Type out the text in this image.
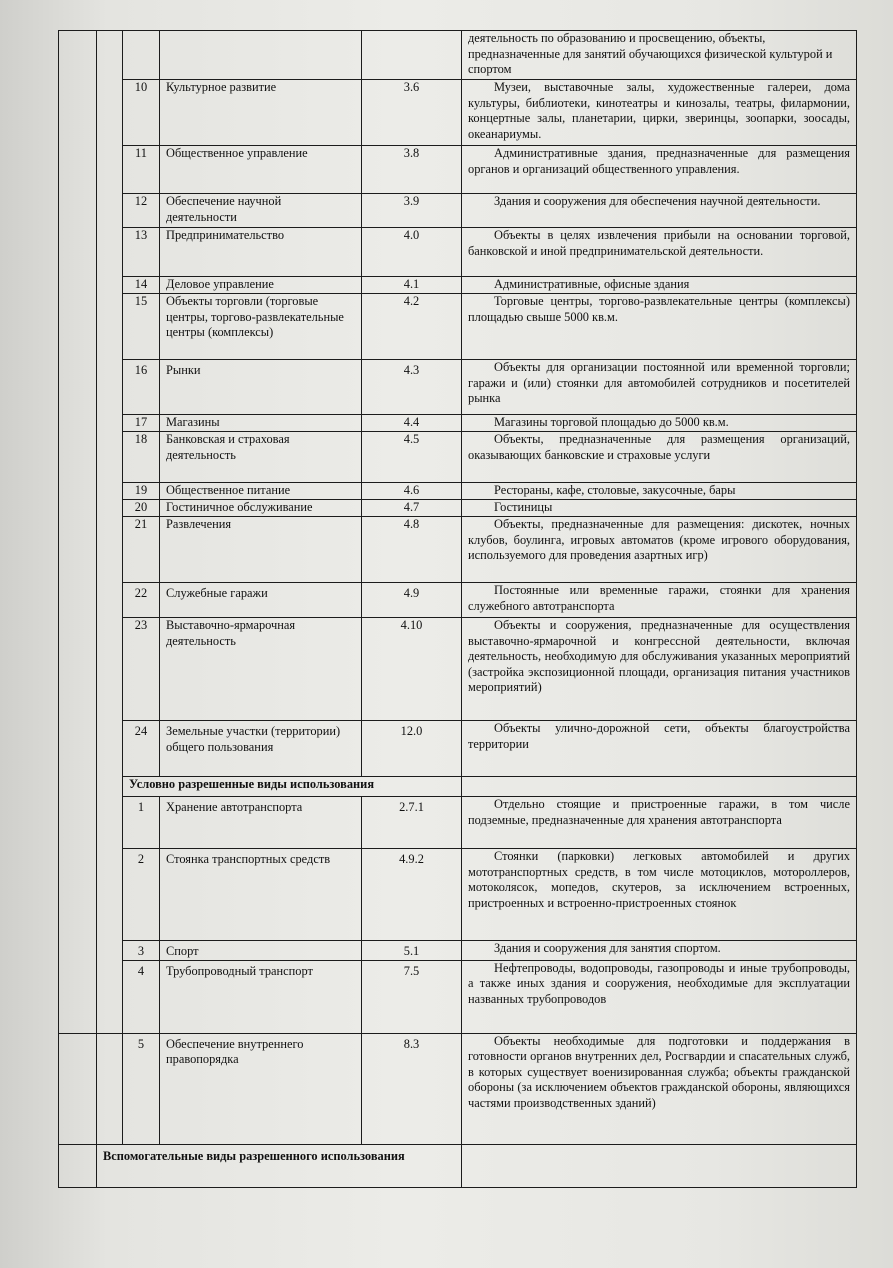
					деятельность по образованию и просвещению, объекты, предназначенные для занятий обучающихся физической культурой и спортом
		10	Культурное развитие	3.6	Музеи, выставочные залы, художественные галереи, дома культуры, библиотеки, кинотеатры и кинозалы, театры, филармонии, концертные залы, планетарии, цирки, зверинцы, зоопарки, зоосады, океанариумы.
		11	Общественное управление	3.8	Административные здания, предназначенные для размещения органов и организаций общественного управления.
		12	Обеспечение научной деятельности	3.9	Здания и сооружения для обеспечения научной деятельности.
		13	Предпринимательство	4.0	Объекты в целях извлечения прибыли на основании торговой, банковской и иной предпринимательской деятельности.
		14	Деловое управление	4.1	Административные, офисные здания
		15	Объекты торговли (торговые центры, торгово-развлекательные центры (комплексы)	4.2	Торговые центры, торгово-развлекательные центры (комплексы) площадью свыше 5000 кв.м.
		16	Рынки	4.3	Объекты для организации постоянной или временной торговли; гаражи и (или) стоянки для автомобилей сотрудников и посетителей рынка
		17	Магазины	4.4	Магазины торговой площадью до 5000 кв.м.
		18	Банковская и страховая деятельность	4.5	Объекты, предназначенные для размещения организаций, оказывающих банковские и страховые услуги
		19	Общественное питание	4.6	Рестораны, кафе, столовые, закусочные, бары
		20	Гостиничное обслуживание	4.7	Гостиницы
		21	Развлечения	4.8	Объекты, предназначенные для размещения: дискотек, ночных клубов, боулинга, игровых автоматов (кроме игрового оборудования, используемого для проведения азартных игр)
		22	Служебные гаражи	4.9	Постоянные или временные гаражи, стоянки для хранения служебного автотранспорта
		23	Выставочно-ярмарочная деятельность	4.10	Объекты и сооружения, предназначенные для осуществления выставочно-ярмарочной и конгрессной деятельности, включая деятельность, необходимую для обслуживания указанных мероприятий (застройка экспозиционной площади, организация питания участников мероприятий)
		24	Земельные участки (территории) общего пользования	12.0	Объекты улично-дорожной сети, объекты благоустройства территории
		Условно разрешенные виды использования			
		1	Хранение автотранспорта	2.7.1	Отдельно стоящие и пристроенные гаражи, в том числе подземные, предназначенные для хранения автотранспорта
		2	Стоянка транспортных средств	4.9.2	Стоянки (парковки) легковых автомобилей и других мототранспортных средств, в том числе мотоциклов, мотороллеров, мотоколясок, мопедов, скутеров, за исключением встроенных, пристроенных и встроенно-пристроенных стоянок
		3	Спорт	5.1	Здания и сооружения для занятия спортом.
		4	Трубопроводный транспорт	7.5	Нефтепроводы, водопроводы, газопроводы и иные трубопроводы, а также иных здания и сооружения, необходимые для эксплуатации названных трубопроводов
		5	Обеспечение внутреннего правопорядка	8.3	Объекты необходимые для подготовки и поддержания в готовности органов внутренних дел, Росгвардии и спасательных служб, в которых существует военизированная служба; объекты гражданской обороны (за исключением объектов гражданской обороны, являющихся частями производственных зданий)
	Вспомогательные виды разрешенного использования				
